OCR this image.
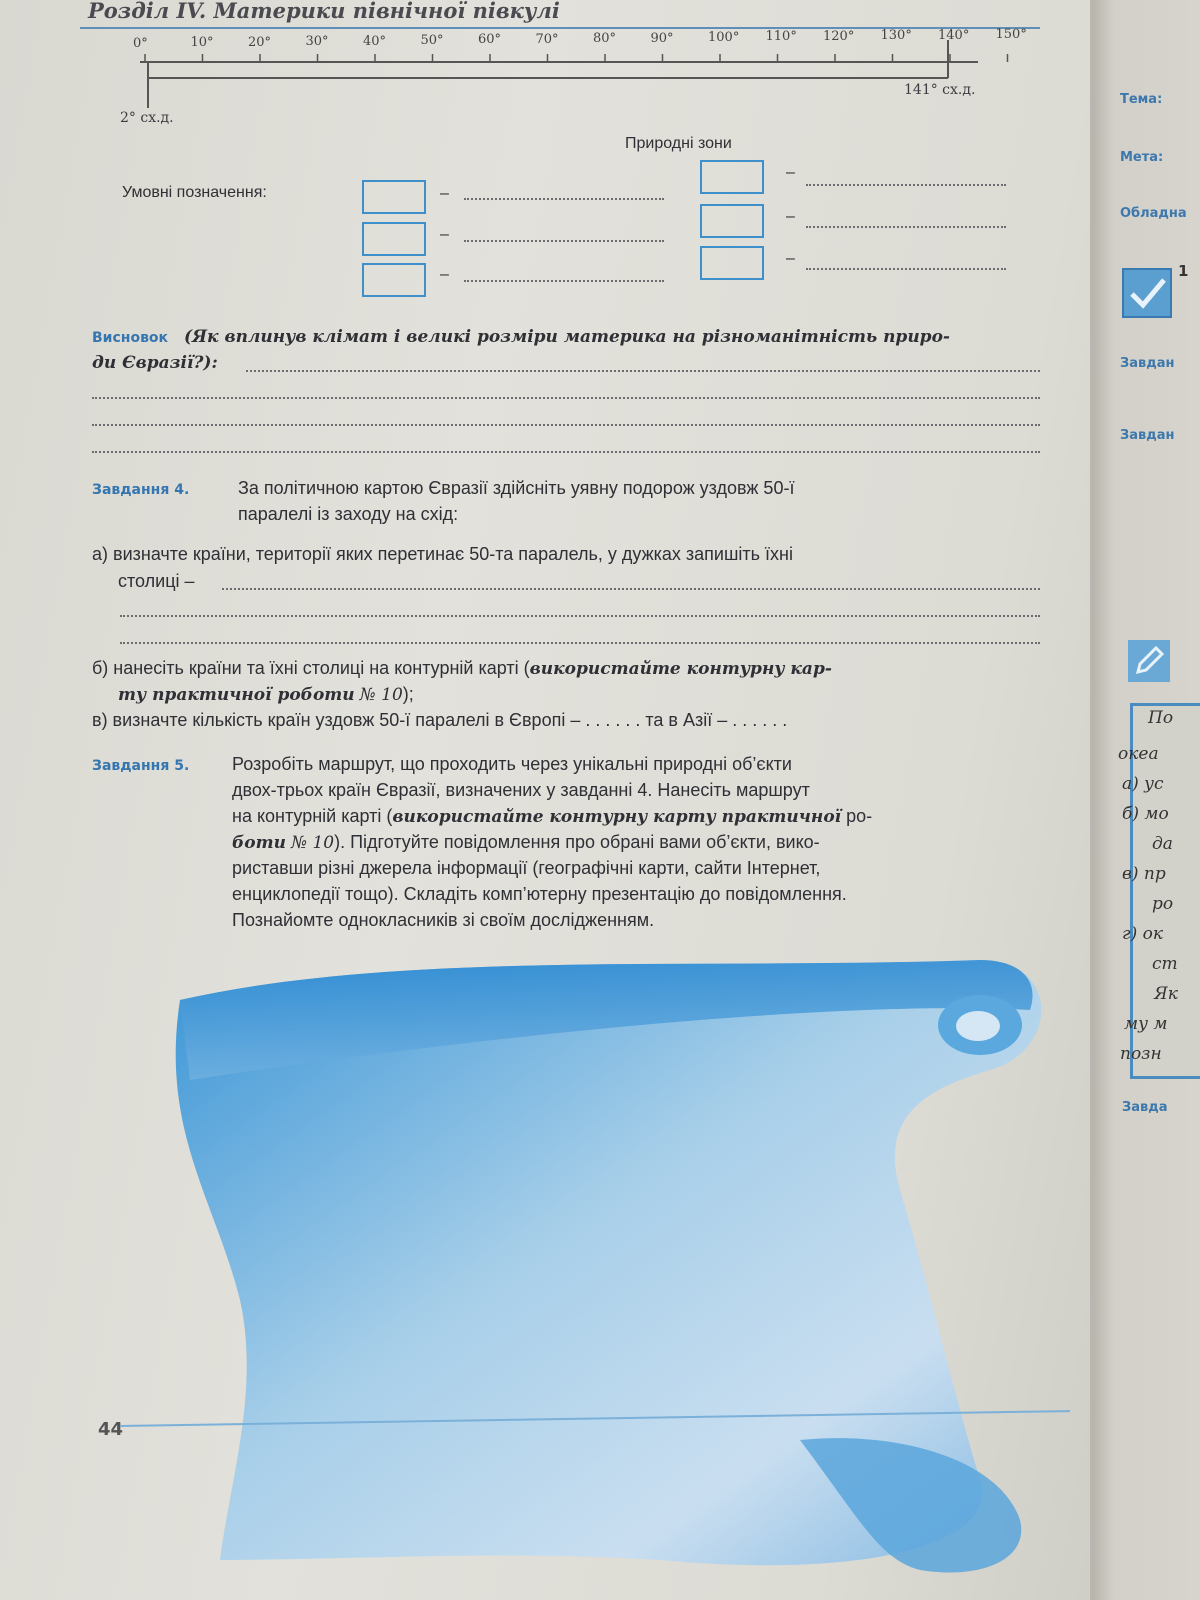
Розділ IV. Материки північної півкулі
0°	10°	20°	30°	40°	50°	60°	70°	80°	90°	100° 110° 120° 130° 140° 150°
2° сх.д.
141° сх.д.
Природні зони
Умовні позначення:	–
–
–
–
–
–
Висновок (Як вплинув клімат і великі розміри материка на різноманітність приро-
ди Євразії?):
Завдання 4.	За політичною картою Євразії здійсніть уявну подорож уздовж 50-ї
паралелі із заходу на схід:
а) визначте країни, території яких перетинає 50-та паралель, у дужках запишіть їхні
столиці –
б) нанесіть країни та їхні столиці на контурній карті (використайте контурну кар-
ту практичної роботи № 10);
в) визначте кількість країн уздовж 50-ї паралелі в Європі – . . . . . . та в Азії – . . . . . .
Завдання 5. Розробіть маршрут, що проходить через унікальні природні об’єкти
двох-трьох країн Євразії, визначених у завданні 4. Нанесіть маршрут
на контурній карті (використайте контурну карту практичної ро-
боти № 10). Підготуйте повідомлення про обрані вами об’єкти, вико-
риставши різні джерела інформації (географічні карти, сайти Інтернет,
енциклопедії тощо). Складіть комп’ютерну презентацію до повідомлення.
Познайомте однокласників зі своїм дослідженням.
44
Тема:
Мета:
Обладна
1
Завдан
Завдан
По
океа
а) ус
б) мо
да
в) пр
ро
г) ок
ст
Як
му м
позн
Завда
